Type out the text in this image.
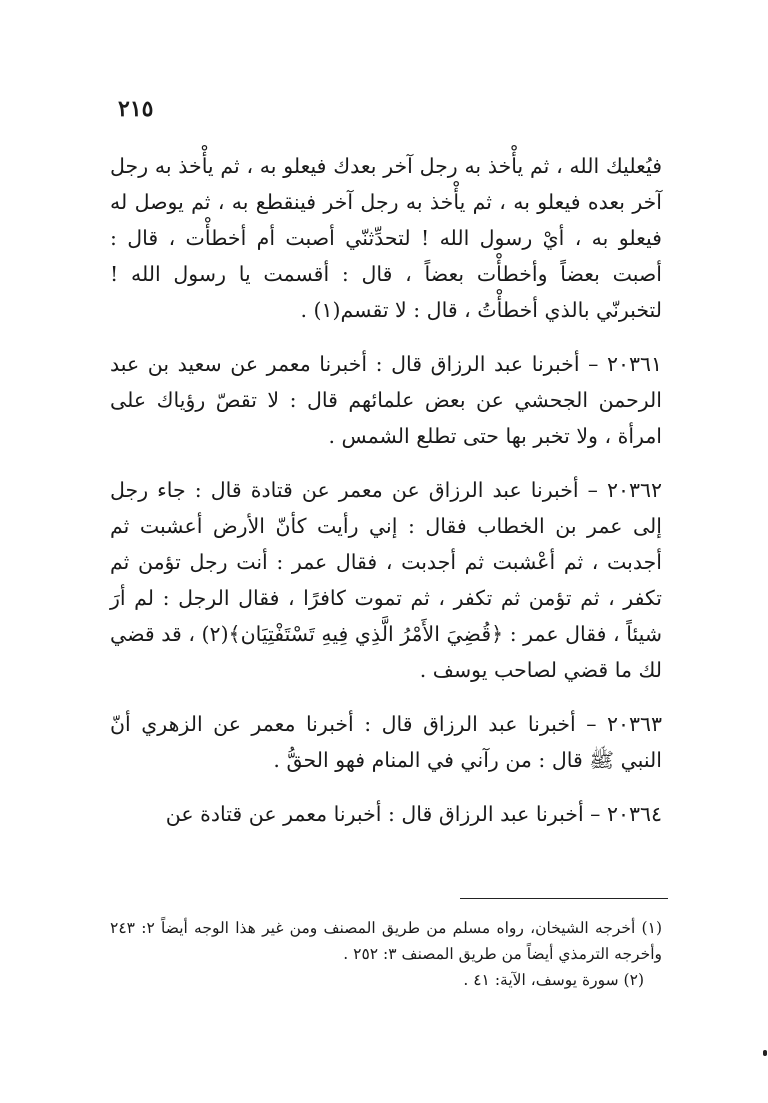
٢١٥

فيُعليك الله ، ثم يأْخذ به رجل آخر بعدك فيعلو به ، ثم يأْخذ به رجل آخر بعده فيعلو به ، ثم يأْخذ به رجل آخر فينقطع به ، ثم يوصل له فيعلو به ، أيْ رسول الله ! لتحدِّثنّي أصبت أم أخطأْت ، قال : أصبت بعضاً وأخطأْت بعضاً ، قال : أقسمت يا رسول الله ! لتخبرنّي بالذي أخطأْتُ ، قال : لا تقسم(١) .

٢٠٣٦١ – أخبرنا عبد الرزاق قال : أخبرنا معمر عن سعيد بن عبد الرحمن الجحشي عن بعض علمائهم قال : لا تقصّ رؤياك على امرأة ، ولا تخبر بها حتى تطلع الشمس .

٢٠٣٦٢ – أخبرنا عبد الرزاق عن معمر عن قتادة قال : جاء رجل إلى عمر بن الخطاب فقال : إني رأيت كأنّ الأرض أعشبت ثم أجدبت ، ثم أعْشبت ثم أجدبت ، فقال عمر : أنت رجل تؤمن ثم تكفر ، ثم تؤمن ثم تكفر ، ثم تموت كافرًا ، فقال الرجل : لم أرَ شيئاً ، فقال عمر : ﴿قُضِيَ الأَمْرُ الَّذِي فِيهِ تَسْتَفْتِيَان﴾(٢) ، قد قضي لك ما قضي لصاحب يوسف .

٢٠٣٦٣ – أخبرنا عبد الرزاق قال : أخبرنا معمر عن الزهري أنّ النبي ﷺ قال : من رآني في المنام فهو الحقُّ .

٢٠٣٦٤ – أخبرنا عبد الرزاق قال : أخبرنا معمر عن قتادة عن

(١) أخرجه الشيخان، رواه مسلم من طريق المصنف ومن غير هذا الوجه أيضاً ٢: ٢٤٣ وأخرجه الترمذي أيضاً من طريق المصنف ٣: ٢٥٢ .

(٢) سورة يوسف، الآية: ٤١ .
